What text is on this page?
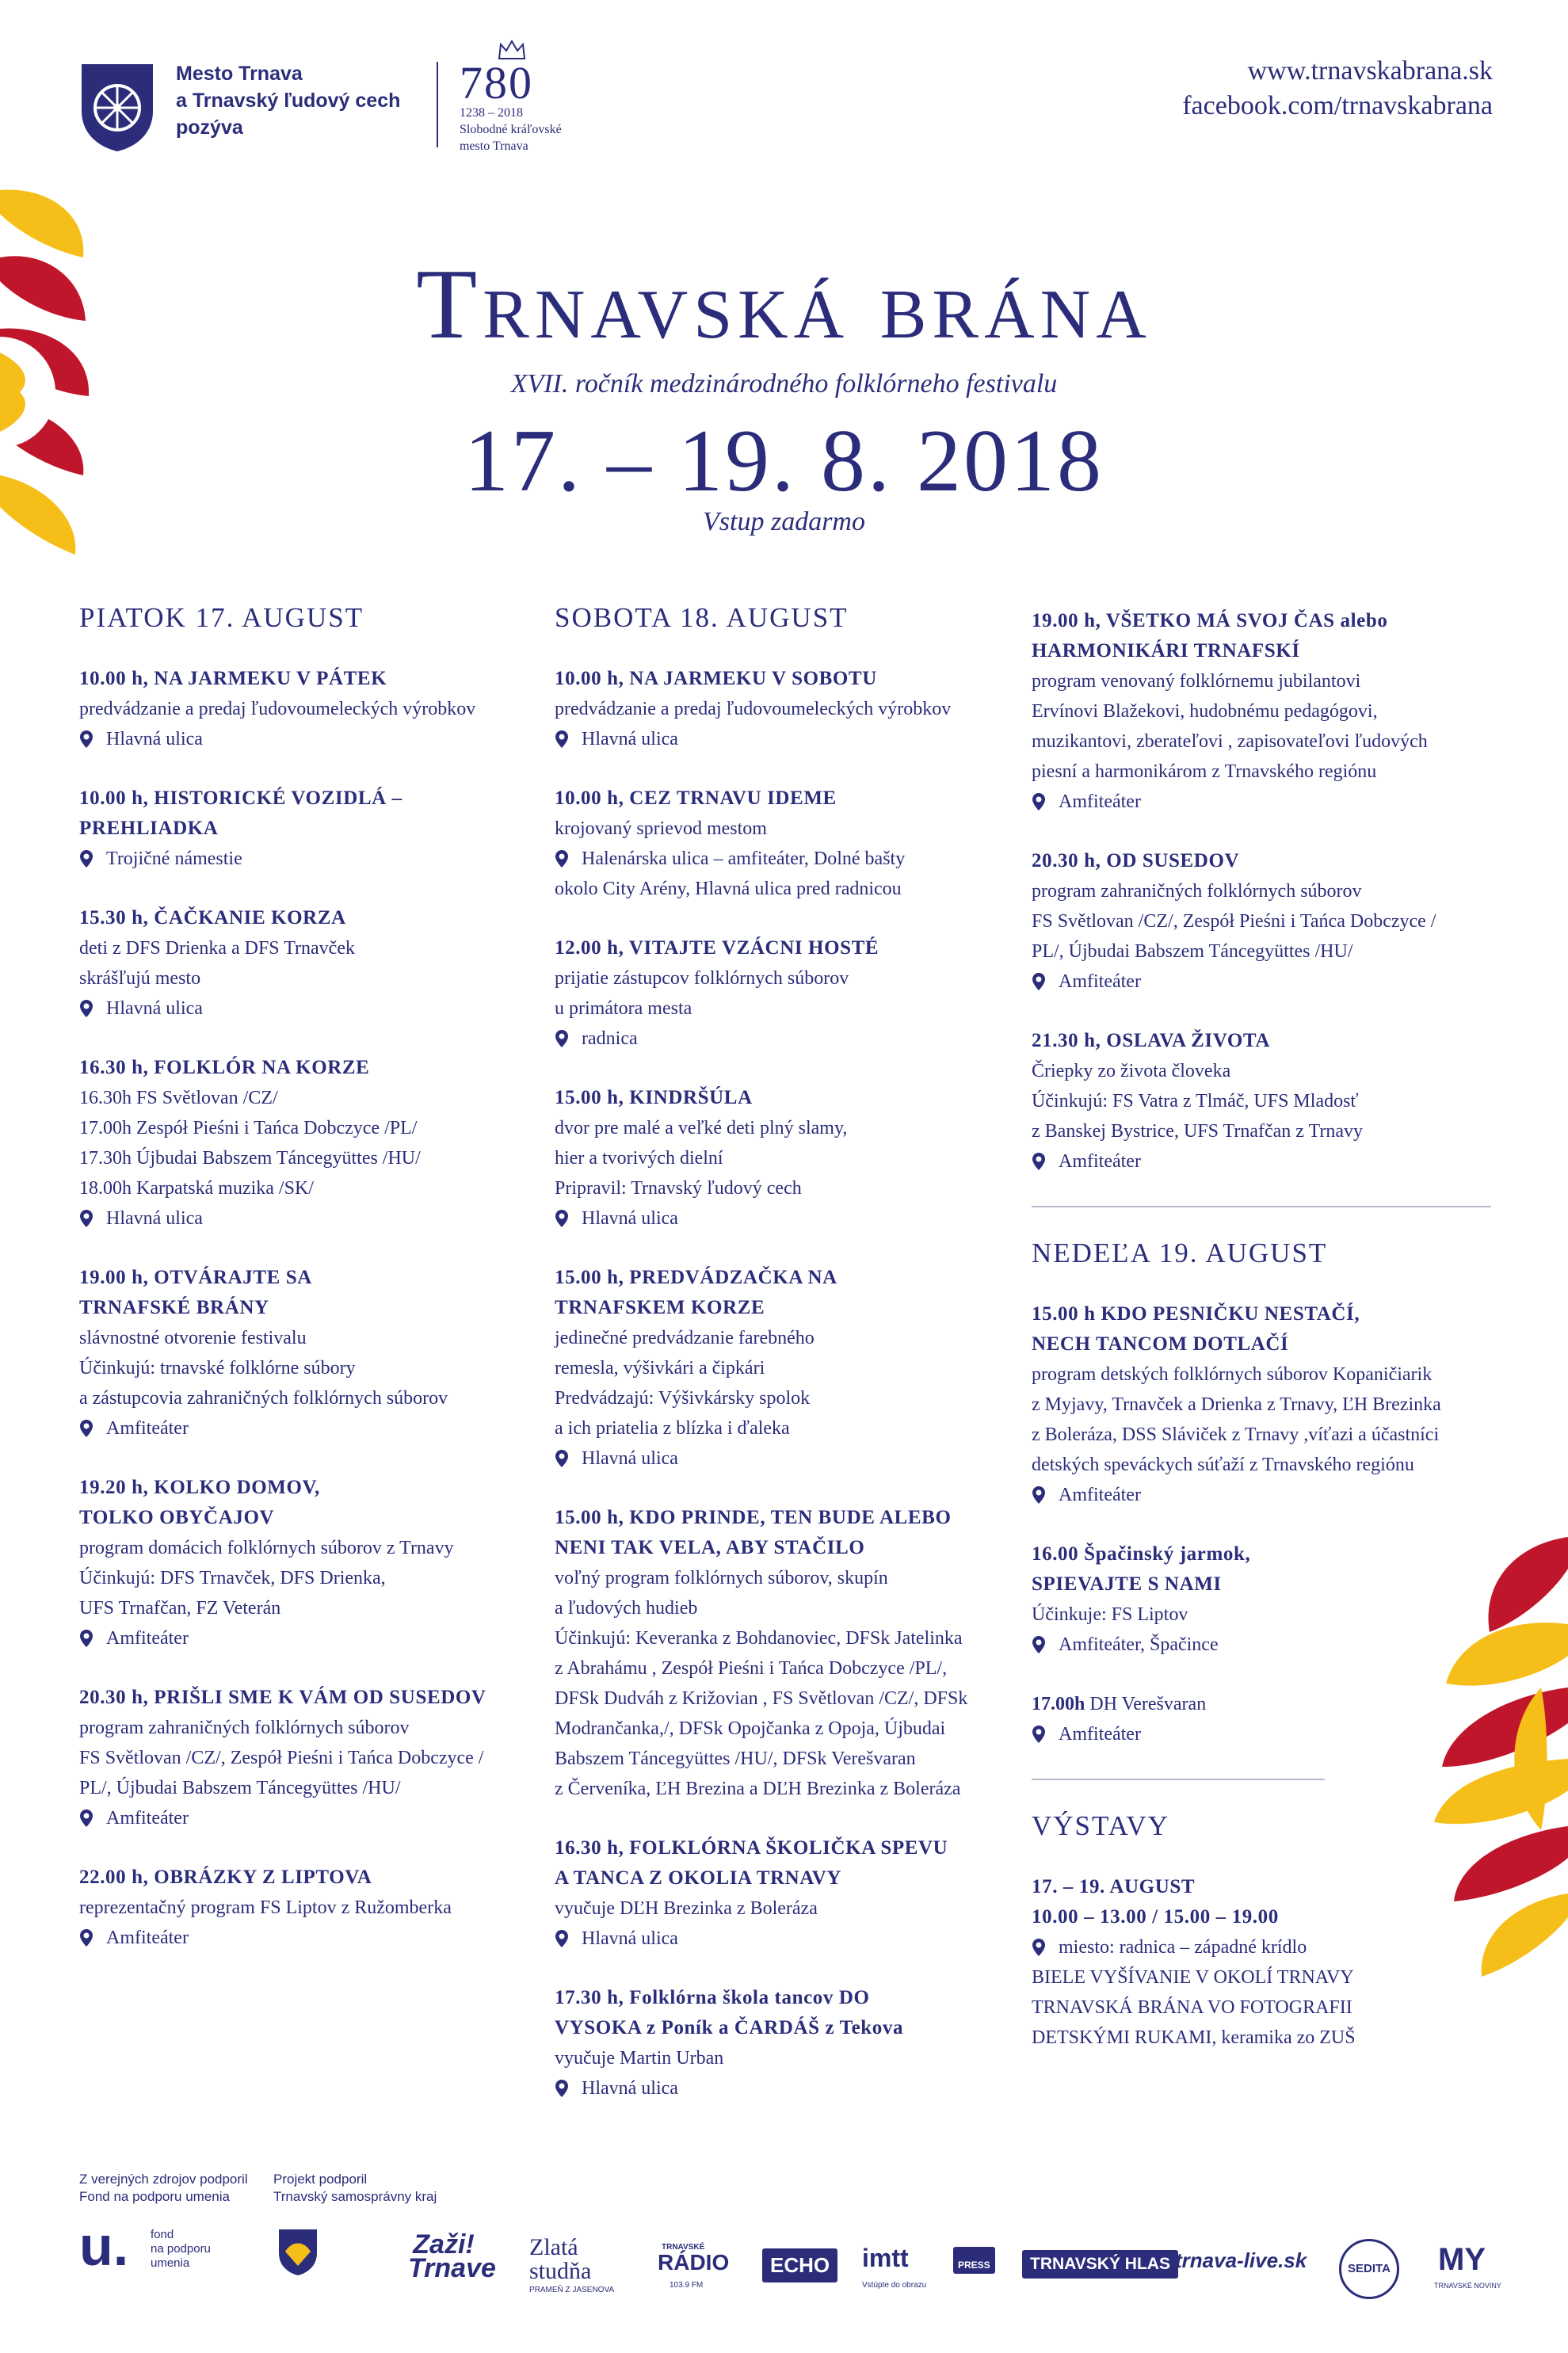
Mesto Trnava
a Trnavský ľudový cech
pozýva
780
1238 – 2018
Slobodné kráľovské
mesto Trnava
www.trnavskabrana.sk
facebook.com/trnavskabrana
Trnavská brána
XVII. ročník medzinárodného folklórneho festivalu
17. – 19. 8. 2018
Vstup zadarmo
PIATOK 17. AUGUST
10.00 h, NA JARMEKU V PÁTEK
predvádzanie a predaj ľudovoumeleckých výrobkov
Hlavná ulica
10.00 h, HISTORICKÉ VOZIDLÁ –
PREHLIADKA
Trojičné námestie
15.30 h, ČAČKANIE KORZA
deti z DFS Drienka a DFS Trnavček
skrášľujú mesto
Hlavná ulica
16.30 h, FOLKLÓR NA KORZE
16.30h FS Světlovan /CZ/
17.00h Zespół Pieśni i Tańca Dobczyce /PL/
17.30h Újbudai Babszem Táncegyüttes /HU/
18.00h Karpatská muzika /SK/
Hlavná ulica
19.00 h, OTVÁRAJTE SA
TRNAFSKÉ BRÁNY
slávnostné otvorenie festivalu
Účinkujú: trnavské folklórne súbory
a zástupcovia zahraničných folklórnych súborov
Amfiteáter
19.20 h, KOLKO DOMOV,
TOLKO OBYČAJOV
program domácich folklórnych súborov z Trnavy
Účinkujú: DFS Trnavček, DFS Drienka,
UFS Trnafčan, FZ Veterán
Amfiteáter
20.30 h, PRIŠLI SME K VÁM OD SUSEDOV
program zahraničných folklórnych súborov
FS Světlovan /CZ/, Zespół Pieśni i Tańca Dobczyce /
PL/, Újbudai Babszem Táncegyüttes /HU/
Amfiteáter
22.00 h, OBRÁZKY Z LIPTOVA
reprezentačný program FS Liptov z Ružomberka
Amfiteáter
SOBOTA 18. AUGUST
10.00 h, NA JARMEKU V SOBOTU
predvádzanie a predaj ľudovoumeleckých výrobkov
Hlavná ulica
10.00 h, CEZ TRNAVU IDEME
krojovaný sprievod mestom
Halenárska ulica – amfiteáter, Dolné bašty
okolo City Arény, Hlavná ulica pred radnicou
12.00 h, VITAJTE VZÁCNI HOSTÉ
prijatie zástupcov folklórnych súborov
u primátora mesta
radnica
15.00 h, KINDRŠÚLA
dvor pre malé a veľké deti plný slamy,
hier a tvorivých dielní
Pripravil: Trnavský ľudový cech
Hlavná ulica
15.00 h, PREDVÁDZAČKA NA
TRNAFSKEM KORZE
jedinečné predvádzanie farebného
remesla, výšivkári a čipkári
Predvádzajú: Výšivkársky spolok
a ich priatelia z blízka i ďaleka
Hlavná ulica
15.00 h, KDO PRINDE, TEN BUDE ALEBO
NENI TAK VELA, ABY STAČILO
voľný program folklórnych súborov, skupín
a ľudových hudieb
Účinkujú: Keveranka z Bohdanoviec, DFSk Jatelinka
z Abrahámu , Zespół Pieśni i Tańca Dobczyce /PL/,
DFSk Dudváh z Križovian , FS Světlovan /CZ/, DFSk
Modrančanka,/, DFSk Opojčanka z Opoja, Újbudai
Babszem Táncegyüttes /HU/, DFSk Verešvaran
z Červeníka, ĽH Brezina a DĽH Brezinka z Boleráza
16.30 h, FOLKLÓRNA ŠKOLIČKA SPEVU
A TANCA Z OKOLIA TRNAVY
vyučuje DĽH Brezinka z Boleráza
Hlavná ulica
17.30 h, Folklórna škola tancov DO
VYSOKA z Poník a ČARDÁŠ z Tekova
vyučuje Martin Urban
Hlavná ulica
19.00 h, VŠETKO MÁ SVOJ ČAS alebo
HARMONIKÁRI TRNAFSKÍ
program venovaný folklórnemu jubilantovi
Ervínovi Blažekovi, hudobnému pedagógovi,
muzikantovi, zberateľovi , zapisovateľovi ľudových
piesní a harmonikárom z Trnavského regiónu
Amfiteáter
20.30 h, OD SUSEDOV
program zahraničných folklórnych súborov
FS Světlovan /CZ/, Zespół Pieśni i Tańca Dobczyce /
PL/, Újbudai Babszem Táncegyüttes /HU/
Amfiteáter
21.30 h, OSLAVA ŽIVOTA
Čriepky zo života človeka
Účinkujú: FS Vatra z Tlmáč, UFS Mladosť
z Banskej Bystrice, UFS Trnafčan z Trnavy
Amfiteáter
NEDEĽA 19. AUGUST
15.00 h KDO PESNIČKU NESTAČÍ,
NECH TANCOM DOTLAČÍ
program detských folklórnych súborov Kopaničiarik
z Myjavy, Trnavček a Drienka z Trnavy, ĽH Brezinka
z Boleráza, DSS Sláviček z Trnavy ,víťazi a účastníci
detských speváckych súťaží z Trnavského regiónu
Amfiteáter
16.00 Špačinský jarmok,
SPIEVAJTE S NAMI
Účinkuje: FS Liptov
Amfiteáter, Špačince
17.00h DH Verešvaran
Amfiteáter
VÝSTAVY
17. – 19. AUGUST
10.00 – 13.00 / 15.00 – 19.00
miesto: radnica – západné krídlo
BIELE VYŠÍVANIE V OKOLÍ TRNAVY
TRNAVSKÁ BRÁNA VO FOTOGRAFII
DETSKÝMI RUKAMI, keramika zo ZUŠ
Z verejných zdrojov podporil
Fond na podporu umenia
Projekt podporil
Trnavský samosprávny kraj
u. fond
na podporu
umenia
Zaži! Trnave
Zlatá studňa
PRAMEŇ Z JASENOVA
TRNAVSKÉ
RÁDIO
103.9 FM
ECHO	imtt
Vstúpte do obrazu
PRESS	TRNAVSKÝ HLAS trnava-live.sk	SEDITA MY
TRNAVSKÉ NOVINY
